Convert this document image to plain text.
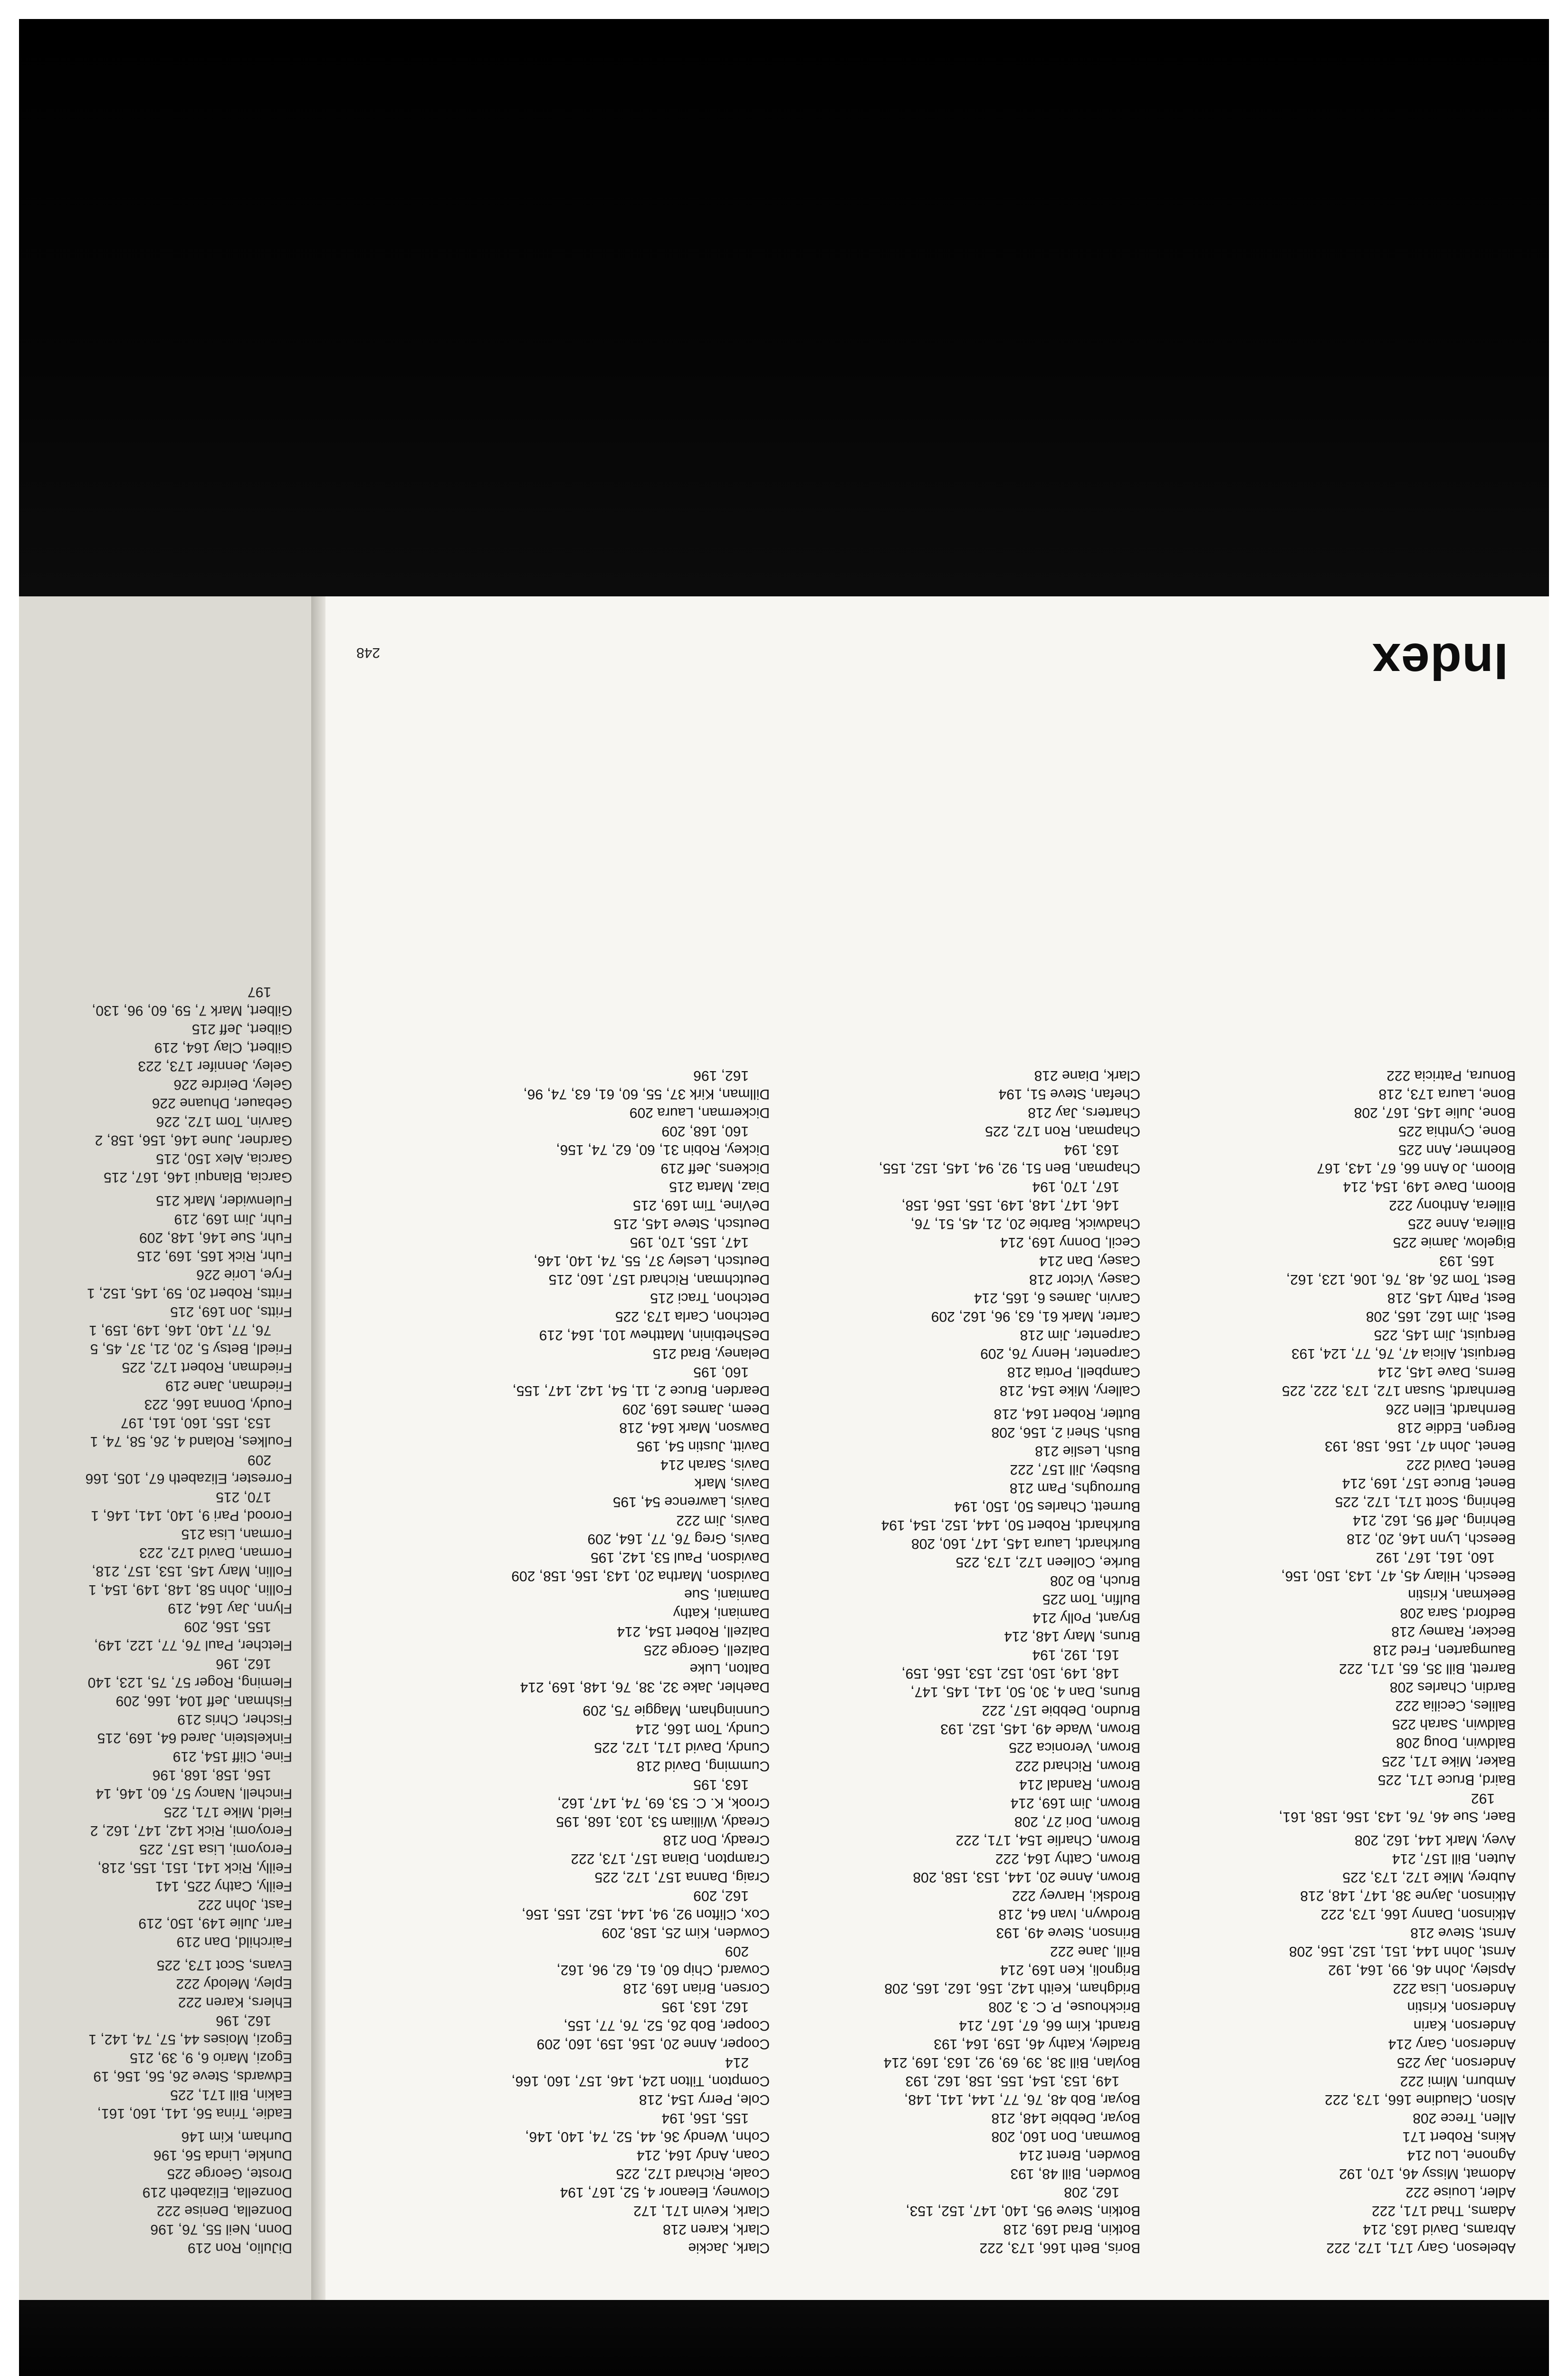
DiJulio, Ron 219
Donn, Neil 55, 76, 196
Donzella, Denise 222
Donzella, Elizabeth 219
Droste, George 225
Dunkle, Linda 56, 196
Durham, Kim 146
Eadie, Trina 56, 141, 160, 161,
Eakin, Bill 171, 225
Edwards, Steve 26, 56, 156, 19
Egozi, Mario 6, 9, 39, 215
Egozi, Moises 44, 57, 74, 142, 1
162, 196
Ehlers, Karen 222
Epley, Melody 222
Evans, Scot 173, 225
Fairchild, Dan 219
Farr, Julie 149, 150, 219
Fast, John 222
Feilly, Cathy 225, 141
Feilly, Rick 141, 151, 155, 218,
Feroyomi, Lisa 157, 225
Feroyomi, Rick 142, 147, 162, 2
Field, Mike 171, 225
Finchell, Nancy 57, 60, 146, 14
156, 158, 168, 196
Fine, Cliff 154, 219
Finkelstein, Jared 64, 169, 215
Fischer, Chris 219
Fishman, Jeff 104, 166, 209
Fleming, Roger 57, 75, 123, 140
162, 196
Fletcher, Paul 76, 77, 122, 149,
155, 156, 209
Flynn, Jay 164, 219
Follin, John 58, 148, 149, 154, 1
Follin, Mary 145, 153, 157, 218,
Forman, David 172, 223
Forman, Lisa 215
Forood, Pari 9, 140, 141, 146, 1
170, 215
Forrester, Elizabeth 67, 105, 166
209
Foulkes, Roland 4, 26, 58, 74, 1
153, 155, 160, 161, 197
Foudy, Donna 166, 223
Friedman, Jane 219
Friedman, Robert 172, 225
Friedl, Betsy 5, 20, 21, 37, 45, 5
76, 77, 140, 146, 149, 159, 1
Fritts, Jon 169, 215
Fritts, Robert 20, 59, 145, 152, 1
Frye, Lorie 226
Fuhr, Rick 165, 169, 215
Fuhr, Sue 146, 148, 209
Fuhr, Jim 169, 219
Fulenwider, Mark 215
Garcia, Blanqui 146, 167, 215
Garcia, Alex 150, 215
Gardner, June 146, 156, 158, 2
Garvin, Tom 172, 226
Gebauer, Dhuane 226
Geley, Deirdre 226
Geley, Jennifer 173, 223
Gilbert, Clay 164, 219
Gilbert, Jeff 215
Gilbert, Mark 7, 59, 60, 96, 130,
197
248
Abeleson, Gary 171, 172, 222
Abrams, David 163, 214
Adams, Thad 171, 222
Adler, Louise 222
Adomat, Missy 46, 170, 192
Agnone, Lou 214
Akins, Robert 171
Allen, Trece 208
Alson, Claudine 166, 173, 222
Amburn, Mimi 222
Anderson, Jay 225
Anderson, Gary 214
Anderson, Karin
Anderson, Kristin
Anderson, Lisa 222
Apsley, John 46, 99, 164, 192
Arnst, John 144, 151, 152, 156, 208
Arnst, Steve 218
Atkinson, Danny 166, 173, 222
Atkinson, Jayne 38, 147, 148, 218
Aubrey, Mike 172, 173, 225
Auten, Bill 157, 214
Avey, Mark 144, 162, 208
Baer, Sue 46, 76, 143, 156, 158, 161,
192
Baird, Bruce 171, 225
Baker, Mike 171, 225
Baldwin, Doug 208
Baldwin, Sarah 225
Baliles, Cecilia 222
Bardin, Charles 208
Barrett, Bill 35, 65, 171, 222
Baumgarten, Fred 218
Becker, Ramey 218
Bedford, Sara 208
Beekman, Kristin
Beesch, Hilary 45, 47, 143, 150, 156,
160, 161, 167, 192
Beesch, Lynn 146, 20, 218
Behring, Jeff 95, 162, 214
Behring, Scott 171, 172, 225
Benet, Bruce 157, 169, 214
Benet, David 222
Benet, John 47, 156, 158, 193
Bergen, Eddie 218
Bernhardt, Ellen 226
Bernhardt, Susan 172, 173, 222, 225
Berns, Dave 145, 214
Berquist, Alicia 47, 76, 77, 124, 193
Berquist, Jim 145, 225
Best, Jim 162, 165, 208
Best, Patty 145, 218
Best, Tom 26, 48, 76, 106, 123, 162,
165, 193
Bigelow, Jamie 225
Billera, Anne 225
Billera, Anthony 222
Bloom, Dave 149, 154, 214
Bloom, Jo Ann 66, 67, 143, 167
Boehmer, Ann 225
Bone, Cynthia 225
Bone, Julie 145, 167, 208
Bone, Laura 173, 218
Bonura, Patricia 222
Boris, Beth 166, 173, 222
Botkin, Brad 169, 218
Botkin, Steve 95, 140, 147, 152, 153,
162, 208
Bowden, Bill 48, 193
Bowden, Brent 214
Bowman, Don 160, 208
Boyar, Debbie 148, 218
Boyar, Bob 48, 76, 77, 144, 141, 148,
149, 153, 154, 155, 158, 162, 193
Boylan, Bill 38, 39, 69, 92, 163, 169, 214
Bradley, Kathy 46, 159, 164, 193
Brandt, Kim 66, 67, 167, 214
Brickhouse, P. C. 3, 208
Bridgham, Keith 142, 156, 162, 165, 208
Brignoli, Ken 169, 214
Brill, Jane 222
Brinson, Steve 49, 193
Brodwyn, Ivan 64, 218
Brodski, Harvey 222
Brown, Anne 20, 144, 153, 158, 208
Brown, Cathy 164, 222
Brown, Charlie 154, 171, 222
Brown, Dori 27, 208
Brown, Jim 169, 214
Brown, Randal 214
Brown, Richard 222
Brown, Veronica 225
Brown, Wade 49, 145, 152, 193
Brudno, Debbie 157, 222
Bruns, Dan 4, 30, 50, 141, 145, 147,
148, 149, 150, 152, 153, 156, 159,
161, 192, 194
Bruns, Mary 148, 214
Bryant, Polly 214
Bulfin, Tom 225
Bruch, Bo 208
Burke, Colleen 172, 173, 225
Burkhardt, Laura 145, 147, 160, 208
Burkhardt, Robert 50, 144, 152, 154, 194
Burnett, Charles 50, 150, 194
Burroughs, Pam 218
Busbey, Jill 157, 222
Bush, Leslie 218
Bush, Sheri 2, 156, 208
Butler, Robert 164, 218
Callery, Mike 154, 218
Campbell, Portia 218
Carpenter, Henry 76, 209
Carpenter, Jim 218
Carter, Mark 61, 63, 96, 162, 209
Carvin, James 6, 165, 214
Casey, Victor 218
Casey, Dan 214
Cecil, Donny 169, 214
Chadwick, Barbie 20, 21, 45, 51, 76,
146, 147, 148, 149, 155, 156, 158,
167, 170, 194
Chapman, Ben 51, 92, 94, 145, 152, 155,
163, 194
Chapman, Ron 172, 225
Charters, Jay 218
Chefan, Steve 51, 194
Clark, Diane 218
Clark, Jackie
Clark, Karen 218
Clark, Kevin 171, 172
Clowney, Eleanor 4, 52, 167, 194
Coale, Richard 172, 225
Coan, Andy 164, 214
Cohn, Wendy 36, 44, 52, 74, 140, 146,
155, 156, 194
Cole, Perry 154, 218
Compton, Tilton 124, 146, 157, 160, 166,
214
Cooper, Anne 20, 156, 159, 160, 209
Cooper, Bob 26, 52, 76, 77, 155,
162, 163, 195
Corsen, Brian 169, 218
Coward, Chip 60, 61, 62, 96, 162,
209
Cowden, Kim 25, 158, 209
Cox, Clifton 92, 94, 144, 152, 155, 156,
162, 209
Craig, Danna 157, 172, 225
Crampton, Diana 157, 173, 222
Cready, Don 218
Cready, William 53, 103, 168, 195
Crook, K. C. 53, 69, 74, 147, 162,
163, 195
Cumming, David 218
Cundy, David 171, 172, 225
Cundy, Tom 166, 214
Cunningham, Maggie 75, 209
Daehler, Jake 32, 38, 76, 148, 169, 214
Dalton, Luke
Dalzell, George 225
Dalzell, Robert 154, 214
Damiani, Kathy
Damiani, Sue
Davidson, Martha 20, 143, 156, 158, 209
Davidson, Paul 53, 142, 195
Davis, Greg 76, 77, 164, 209
Davis, Jim 222
Davis, Lawrence 54, 195
Davis, Mark
Davis, Sarah 214
Davitt, Justin 54, 195
Dawson, Mark 164, 218
Deem, James 169, 209
Dearden, Bruce 2, 11, 54, 142, 147, 155,
160, 195
Delaney, Brad 215
DeShetbinin, Matthew 101, 164, 219
Detchon, Carla 173, 225
Detchon, Traci 215
Deutchman, Richard 157, 160, 215
Deutsch, Lesley 37, 55, 74, 140, 146,
147, 155, 170, 195
Deutsch, Steve 145, 215
DeVine, Tim 169, 215
Diaz, Marta 215
Dickens, Jeff 219
Dickey, Robin 31, 60, 62, 74, 156,
160, 168, 209
Dickerman, Laura 209
Dillman, Kirk 37, 55, 60, 61, 63, 74, 96,
162, 196
Index
